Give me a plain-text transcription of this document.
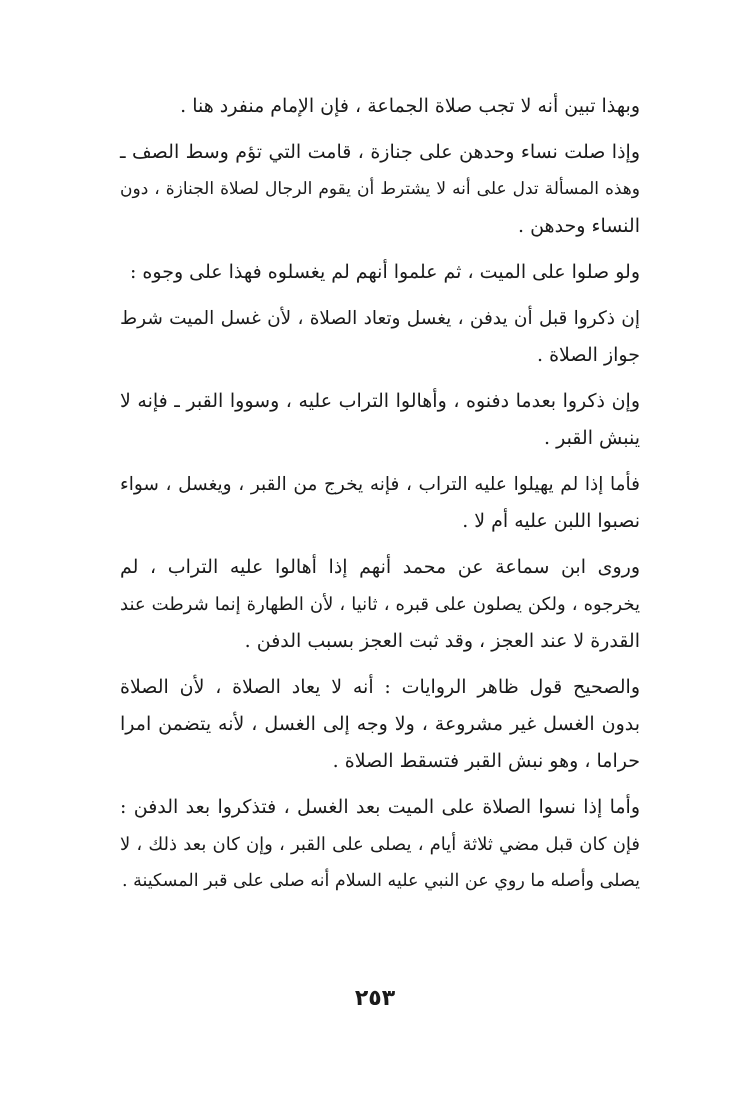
وبهذا تبين أنه لا تجب صلاة الجماعة ، فإن الإمام منفرد هنا .

وإذا صلت نساء وحدهن على جنازة ، قامت التي تؤم وسط الصف ـ
وهذه المسألة تدل على أنه لا يشترط أن يقوم الرجال لصلاة الجنازة ، دون
النساء وحدهن .

ولو صلوا على الميت ، ثم علموا أنهم لم يغسلوه فهذا على وجوه :

إن ذكروا قبل أن يدفن ، يغسل وتعاد الصلاة ، لأن غسل الميت شرط
جواز الصلاة .

وإن ذكروا بعدما دفنوه ، وأهالوا التراب عليه ، وسووا القبر ـ فإنه لا
ينبش القبر .

فأما إذا لم يهيلوا عليه التراب ، فإنه يخرج من القبر ، ويغسل ، سواء
نصبوا اللبن عليه أم لا .

وروى ابن سماعة عن محمد أنهم إذا أهالوا عليه التراب ، لم
يخرجوه ، ولكن يصلون على قبره ، ثانيا ، لأن الطهارة إنما شرطت عند
القدرة لا عند العجز ، وقد ثبت العجز بسبب الدفن .

والصحيح قول ظاهر الروايات : أنه لا يعاد الصلاة ، لأن الصلاة
بدون الغسل غير مشروعة ، ولا وجه إلى الغسل ، لأنه يتضمن امرا
حراما ، وهو نبش القبر فتسقط الصلاة .

وأما إذا نسوا الصلاة على الميت بعد الغسل ، فتذكروا بعد الدفن :
فإن كان قبل مضي ثلاثة أيام ، يصلى على القبر ، وإن كان بعد ذلك ، لا
يصلى وأصله ما روي عن النبي عليه السلام أنه صلى على قبر المسكينة .

٢٥٣
